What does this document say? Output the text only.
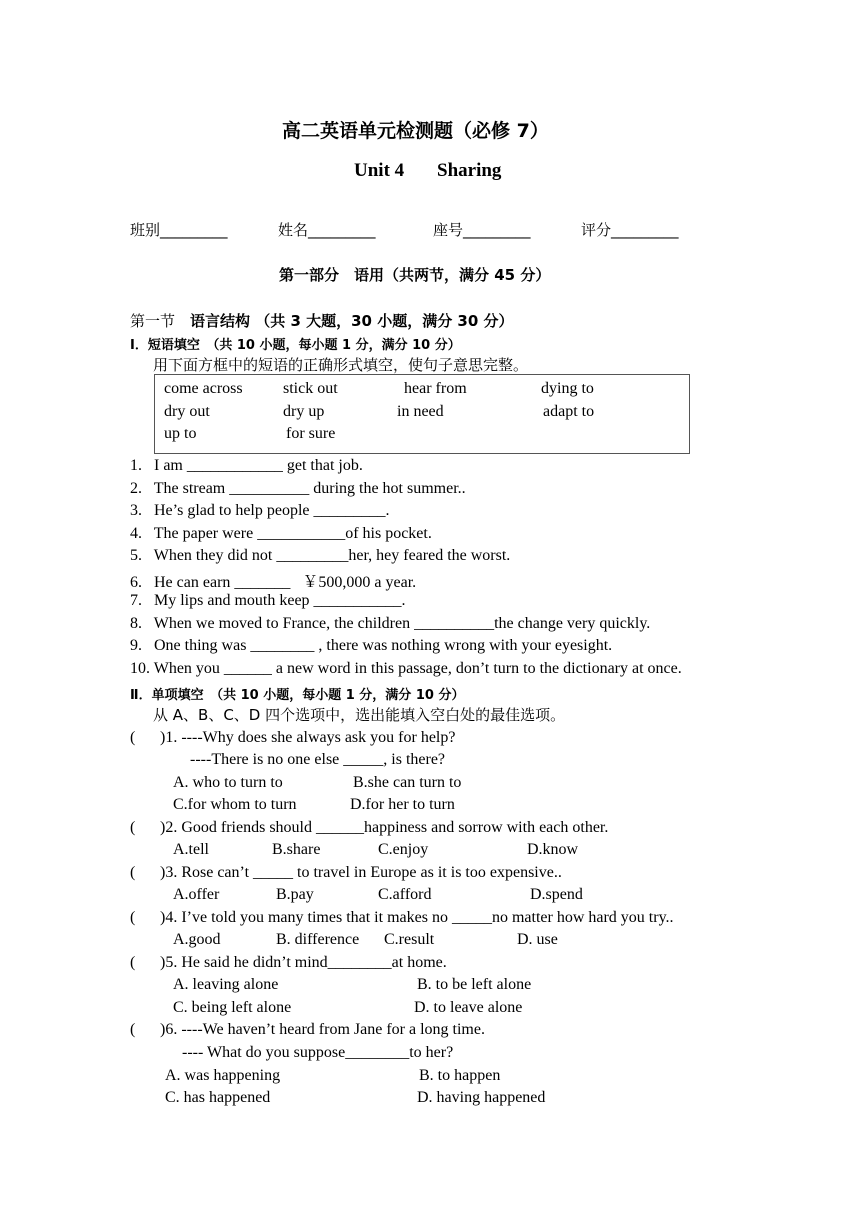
高二英语单元检测题（必修 7）
Unit 4 Sharing
班别_________	姓名_________	座号_________	评分_________
第一部分　语用（共两节，满分 45 分）
第一节 语言结构 （共 3 大题，30 小题，满分 30 分）
Ⅰ．短语填空　（共 10 小题，每小题 1 分，满分 10 分）
用下面方框中的短语的正确形式填空，使句子意思完整。
come across	stick out	hear from	dying to
dry out	dry up	in need	adapt to
up to	for sure
1.   I am ____________ get that job.
2.   The stream __________ during the hot summer..
3.   He’s glad to help people _________.
4.   The paper were ___________of his pocket.
5.   When they did not _________her, hey feared the worst.
6.   He can earn _______   ￥500,000 a year.
7.   My lips and mouth keep ___________.
8.   When we moved to France, the children __________the change very quickly.
9.   One thing was ________ , there was nothing wrong with your eyesight.
10. When you ______ a new word in this passage, don’t turn to the dictionary at once.
Ⅱ．单项填空　（共 10 小题，每小题 1 分，满分 10 分）
从 A、B、C、D 四个选项中，选出能填入空白处的最佳选项。
( )1. ----Why does she always ask you for help?
----There is no one else _____, is there?
A. who to turn to	B.she can turn to
C.for whom to turn	D.for her to turn
( )2. Good friends should ______happiness and sorrow with each other.
A.tell	B.share	C.enjoy	D.know
( )3. Rose can’t _____ to travel in Europe as it is too expensive..
A.offer	B.pay	C.afford	D.spend
( )4. I’ve told you many times that it makes no _____no matter how hard you try..
A.good	B. difference C.result	D. use
( )5. He said he didn’t mind________at home.
A. leaving alone	B. to be left alone
C. being left alone	D. to leave alone
( )6. ----We haven’t heard from Jane for a long time.
---- What do you suppose________to her?
A. was happening	B. to happen
C. has happened	D. having happened
